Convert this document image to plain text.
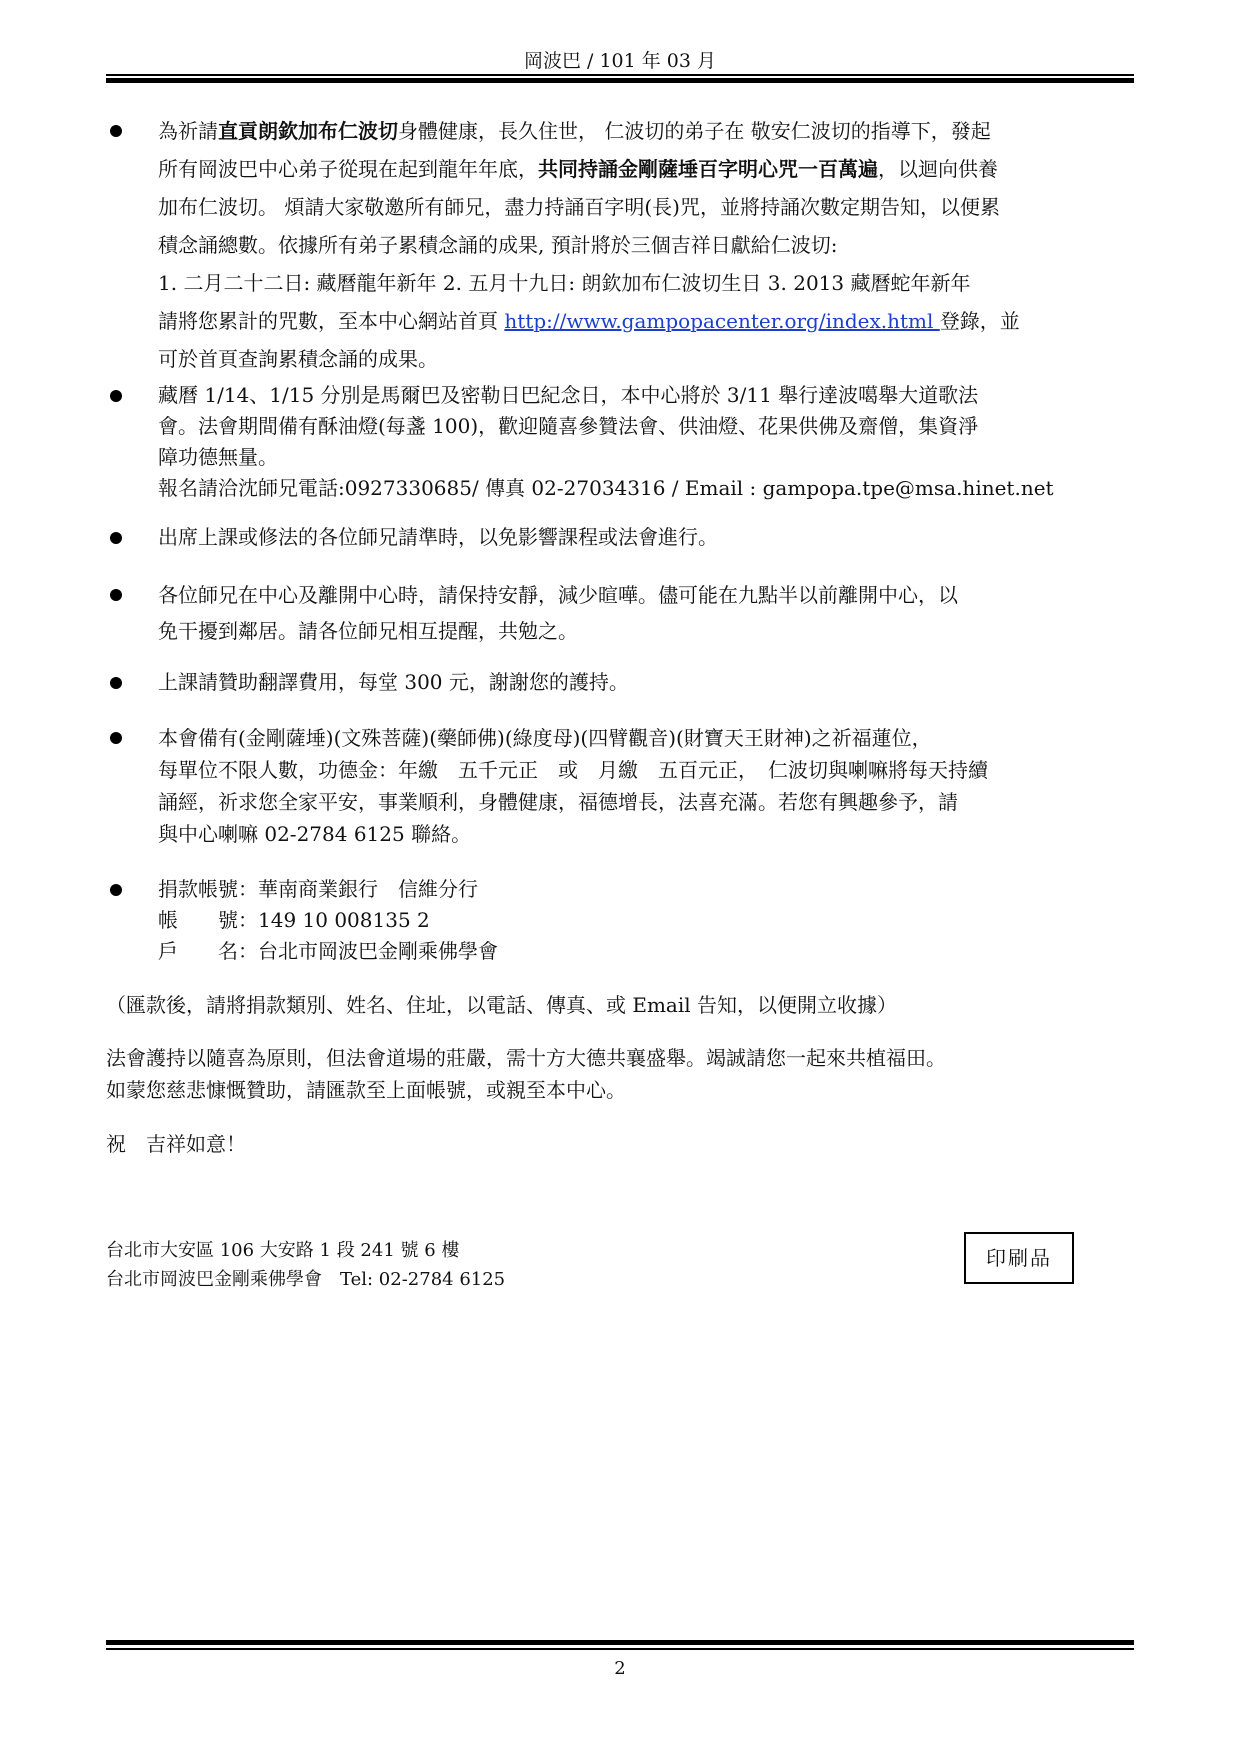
岡波巴 / 101 年 03 月
為祈請直貢朗欽加布仁波切身體健康，長久住世， 仁波切的弟子在 敬安仁波切的指導下，發起
所有岡波巴中心弟子從現在起到龍年年底，共同持誦金剛薩埵百字明心咒一百萬遍，以迴向供養
加布仁波切。 煩請大家敬邀所有師兄，盡力持誦百字明(長)咒，並將持誦次數定期告知，以便累
積念誦總數。依據所有弟子累積念誦的成果, 預計將於三個吉祥日獻給仁波切:
1. 二月二十二日: 藏曆龍年新年 2. 五月十九日: 朗欽加布仁波切生日 3. 2013 藏曆蛇年新年
請將您累計的咒數，至本中心網站首頁 http://www.gampopacenter.org/index.html 登錄，並
可於首頁查詢累積念誦的成果。
藏曆 1/14、1/15 分別是馬爾巴及密勒日巴紀念日，本中心將於 3/11 舉行達波噶舉大道歌法
會。法會期間備有酥油燈(每盞 100)，歡迎隨喜參贊法會、供油燈、花果供佛及齋僧，集資淨
障功德無量。
報名請洽沈師兄電話:0927330685/ 傳真 02-27034316 / Email : gampopa.tpe@msa.hinet.net
出席上課或修法的各位師兄請準時，以免影響課程或法會進行。
各位師兄在中心及離開中心時，請保持安靜，減少暄嘩。儘可能在九點半以前離開中心，以
免干擾到鄰居。請各位師兄相互提醒，共勉之。
上課請贊助翻譯費用，每堂 300 元，謝謝您的護持。
本會備有(金剛薩埵)(文殊菩薩)(藥師佛)(綠度母)(四臂觀音)(財寶天王財神)之祈福蓮位，
每單位不限人數，功德金：年繳　五千元正　或　月繳　五百元正，　仁波切與喇嘛將每天持續
誦經，祈求您全家平安，事業順利，身體健康，福德增長，法喜充滿。若您有興趣參予，請
與中心喇嘛 02-2784 6125 聯絡。
捐款帳號：華南商業銀行　信維分行
帳　　號：149 10 008135 2
戶　　名：台北市岡波巴金剛乘佛學會
（匯款後，請將捐款類別、姓名、住址，以電話、傳真、或 Email 告知，以便開立收據）
法會護持以隨喜為原則，但法會道場的莊嚴，需十方大德共襄盛舉。竭誠請您一起來共植福田。
如蒙您慈悲慷慨贊助，請匯款至上面帳號，或親至本中心。
祝　吉祥如意！
台北市大安區 106 大安路 1 段 241 號 6 樓
台北市岡波巴金剛乘佛學會　Tel: 02-2784 6125
印刷品
2
